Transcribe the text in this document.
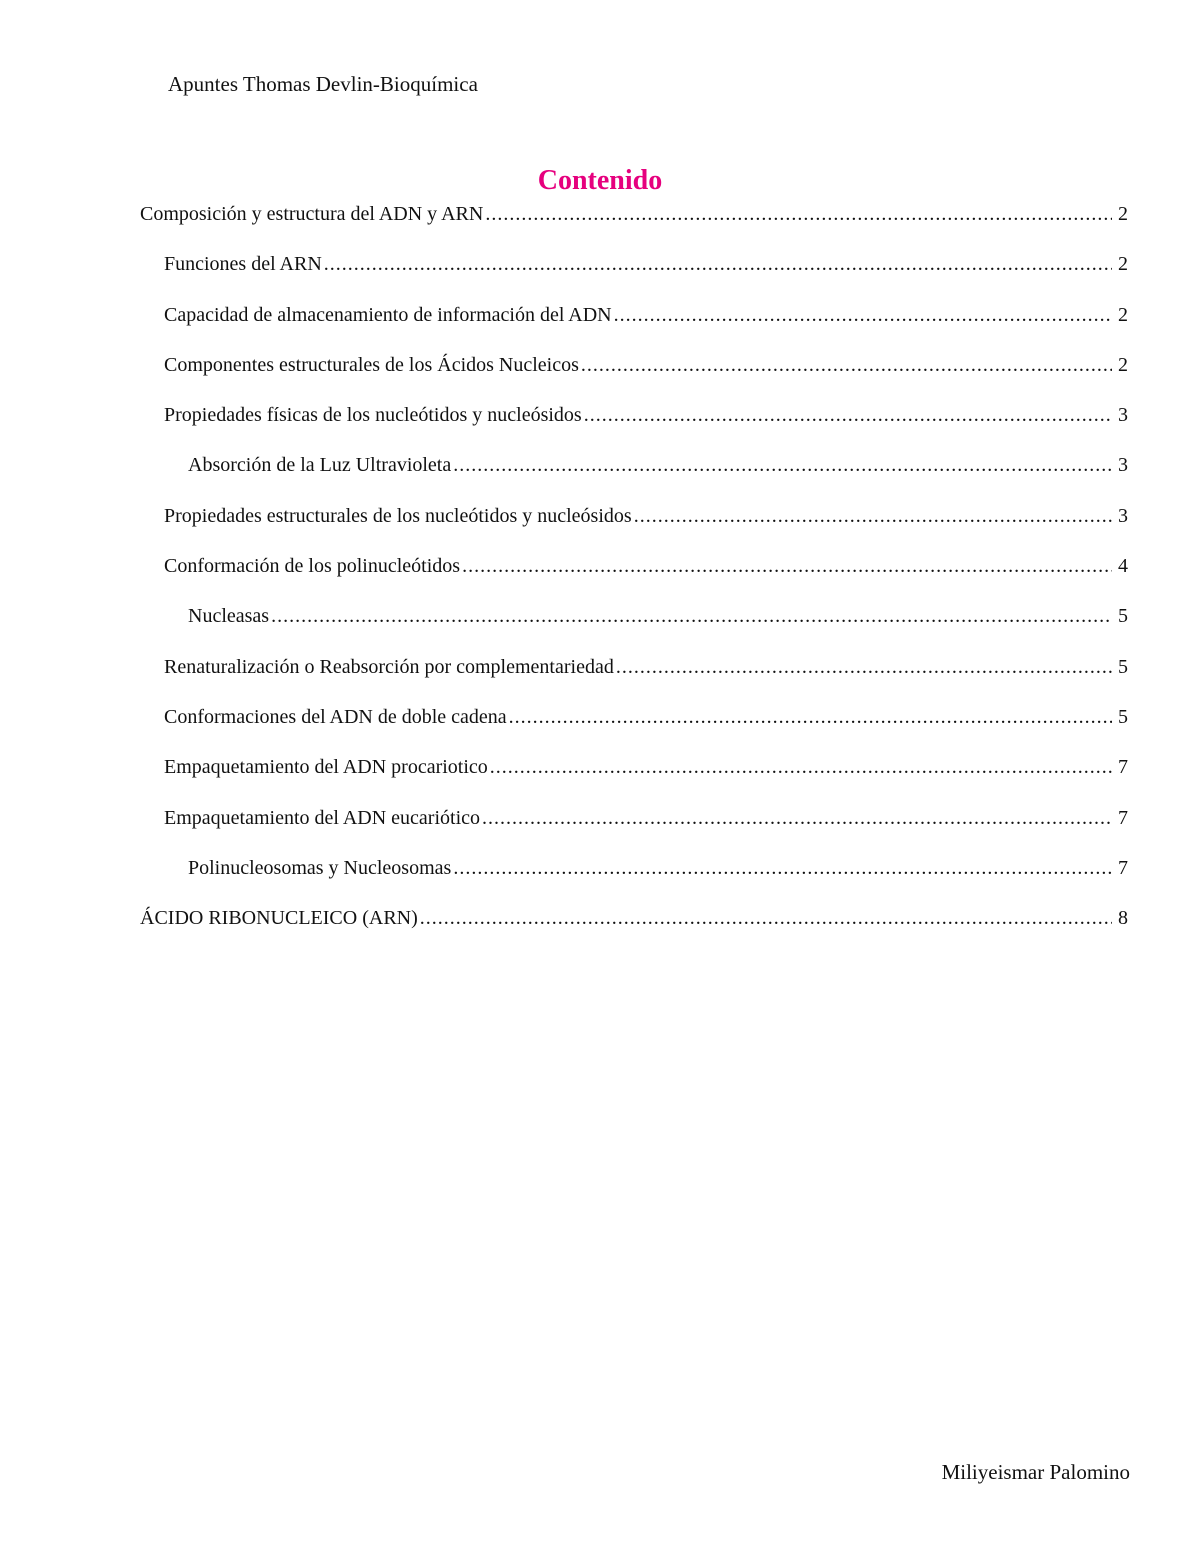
Apuntes Thomas Devlin-Bioquímica
Contenido
Composición y estructura del ADN y ARN .....	2
Funciones del ARN .....	2
Capacidad de almacenamiento de información del ADN .....	2
Componentes estructurales de los Ácidos Nucleicos .....	2
Propiedades físicas de los nucleótidos y nucleósidos .....	3
Absorción de la Luz Ultravioleta .....	3
Propiedades estructurales de los nucleótidos y nucleósidos .....	3
Conformación de los polinucleótidos .....	4
Nucleasas .....	5
Renaturalización o Reabsorción por complementariedad .....	5
Conformaciones del ADN de doble cadena .....	5
Empaquetamiento del ADN procariotico .....	7
Empaquetamiento del ADN eucariótico .....	7
Polinucleosomas y Nucleosomas .....	7
ÁCIDO RIBONUCLEICO (ARN) .....	8
Miliyeismar Palomino
